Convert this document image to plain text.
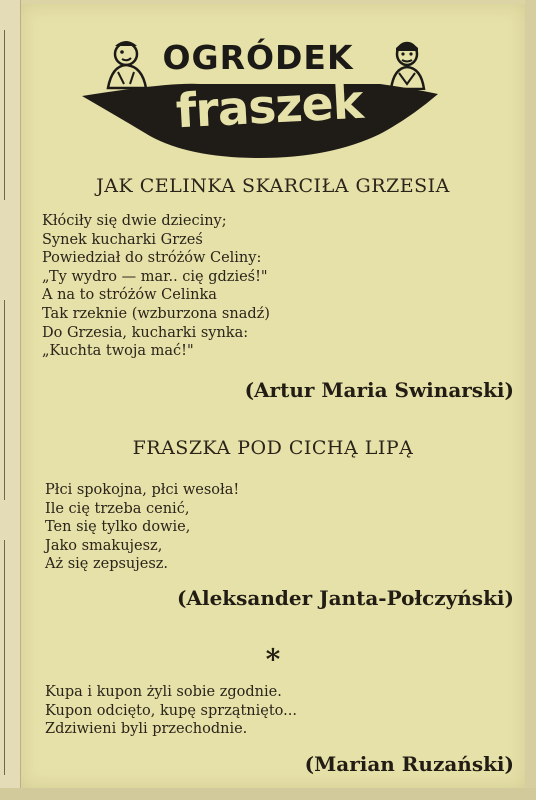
OGRÓDEK
fraszek
JAK CELINKA SKARCIŁA GRZESIA
Kłóciły się dwie dzieciny;
Synek kucharki Grześ
Powiedział do stróżów Celiny:
„Ty wydro — mar.. cię gdzieś!"
A na to stróżów Celinka
Tak rzeknie (wzburzona snadź)
Do Grzesia, kucharki synka:
„Kuchta twoja mać!"
(Artur Maria Swinarski)
FRASZKA POD CICHĄ LIPĄ
Płci spokojna, płci wesoła!
Ile cię trzeba cenić,
Ten się tylko dowie,
Jako smakujesz,
Aż się zepsujesz.
(Aleksander Janta-Połczyński)
*
Kupa i kupon żyli sobie zgodnie.
Kupon odcięto, kupę sprzątnięto...
Zdziwieni byli przechodnie.
(Marian Ruzański)
